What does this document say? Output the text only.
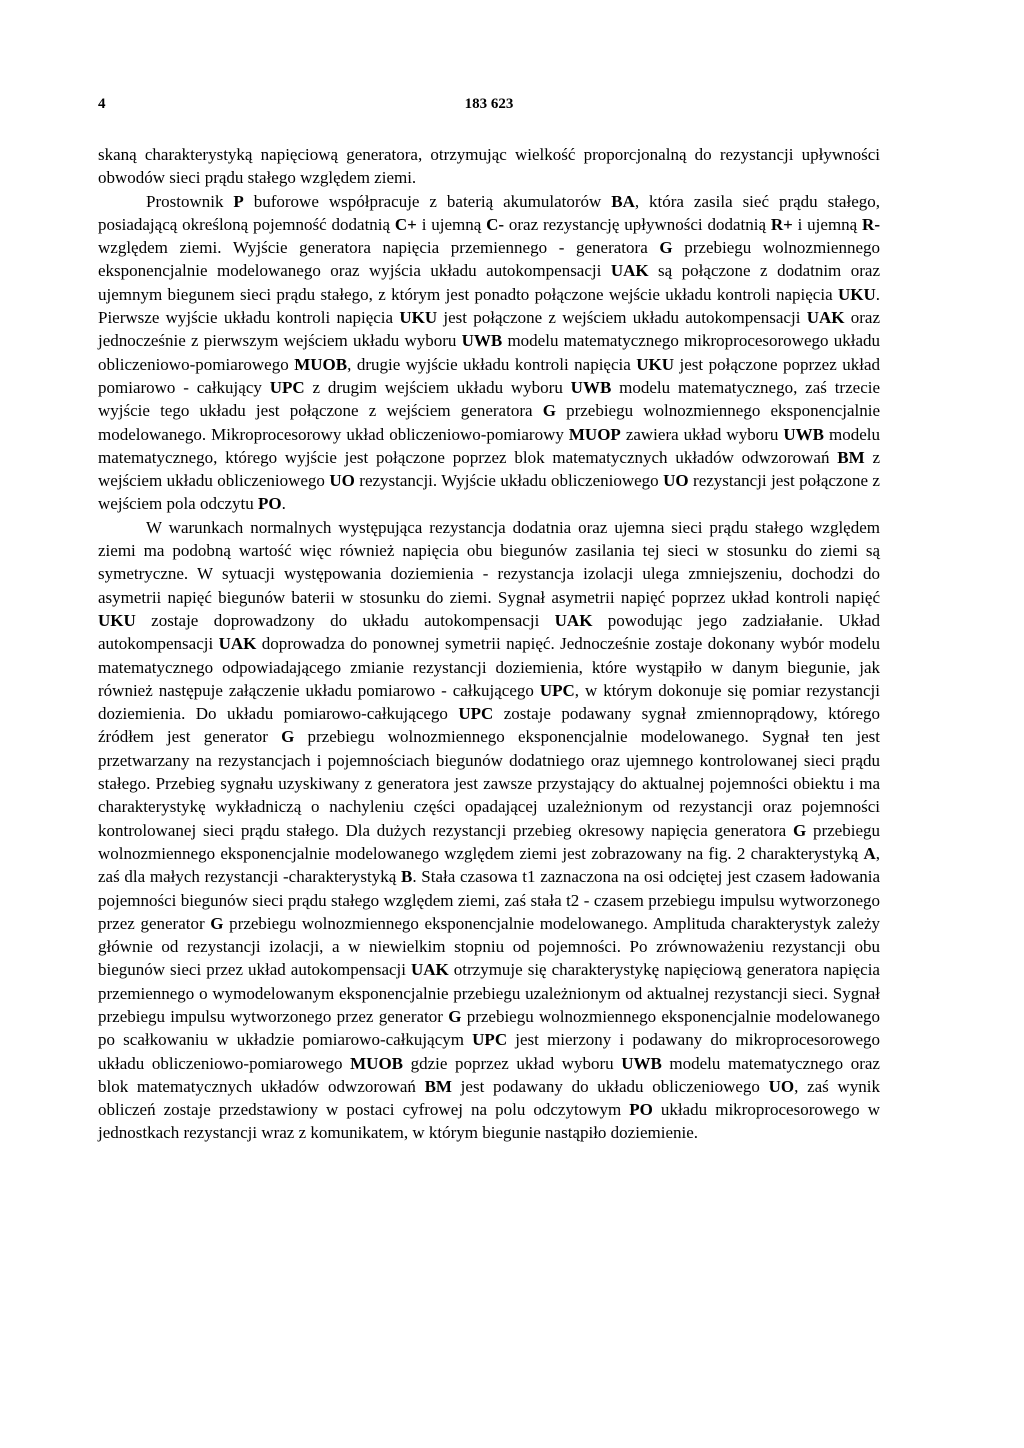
4	183 623

skaną charakterystyką napięciową generatora, otrzymując wielkość proporcjonalną do rezystancji upływności obwodów sieci prądu stałego względem ziemi.

Prostownik P buforowe współpracuje z baterią akumulatorów BA, która zasila sieć prądu stałego, posiadającą określoną pojemność dodatnią C+ i ujemną C- oraz rezystancję upływności dodatnią R+ i ujemną R- względem ziemi. Wyjście generatora napięcia przemiennego - generatora G przebiegu wolnozmiennego eksponencjalnie modelowanego oraz wyjścia układu autokompensacji UAK są połączone z dodatnim oraz ujemnym biegunem sieci prądu stałego, z którym jest ponadto połączone wejście układu kontroli napięcia UKU. Pierwsze wyjście układu kontroli napięcia UKU jest połączone z wejściem układu autokompensacji UAK oraz jednocześnie z pierwszym wejściem układu wyboru UWB modelu matematycznego mikroprocesorowego układu obliczeniowo-pomiarowego MUOB, drugie wyjście układu kontroli napięcia UKU jest połączone poprzez układ pomiarowo - całkujący UPC z drugim wejściem układu wyboru UWB modelu matematycznego, zaś trzecie wyjście tego układu jest połączone z wejściem generatora G przebiegu wolnozmiennego eksponencjalnie modelowanego. Mikroprocesorowy układ obliczeniowo-pomiarowy MUOP zawiera układ wyboru UWB modelu matematycznego, którego wyjście jest połączone poprzez blok matematycznych układów odwzorowań BM z wejściem układu obliczeniowego UO rezystancji. Wyjście układu obliczeniowego UO rezystancji jest połączone z wejściem pola odczytu PO.

W warunkach normalnych występująca rezystancja dodatnia oraz ujemna sieci prądu stałego względem ziemi ma podobną wartość więc również napięcia obu biegunów zasilania tej sieci w stosunku do ziemi są symetryczne. W sytuacji występowania doziemienia - rezystancja izolacji ulega zmniejszeniu, dochodzi do asymetrii napięć biegunów baterii w stosunku do ziemi. Sygnał asymetrii napięć poprzez układ kontroli napięć UKU zostaje doprowadzony do układu autokompensacji UAK powodując jego zadziałanie. Układ autokompensacji UAK doprowadza do ponownej symetrii napięć. Jednocześnie zostaje dokonany wybór modelu matematycznego odpowiadającego zmianie rezystancji doziemienia, które wystąpiło w danym biegunie, jak również następuje załączenie układu pomiarowo - całkującego UPC, w którym dokonuje się pomiar rezystancji doziemienia. Do układu pomiarowo-całkującego UPC zostaje podawany sygnał zmiennoprądowy, którego źródłem jest generator G przebiegu wolnozmiennego eksponencjalnie modelowanego. Sygnał ten jest przetwarzany na rezystancjach i pojemnościach biegunów dodatniego oraz ujemnego kontrolowanej sieci prądu stałego. Przebieg sygnału uzyskiwany z generatora jest zawsze przystający do aktualnej pojemności obiektu i ma charakterystykę wykładniczą o nachyleniu części opadającej uzależnionym od rezystancji oraz pojemności kontrolowanej sieci prądu stałego. Dla dużych rezystancji przebieg okresowy napięcia generatora G przebiegu wolnozmiennego eksponencjalnie modelowanego względem ziemi jest zobrazowany na fig. 2 charakterystyką A, zaś dla małych rezystancji -charakterystyką B. Stała czasowa t1 zaznaczona na osi odciętej jest czasem ładowania pojemności biegunów sieci prądu stałego względem ziemi, zaś stała t2 - czasem przebiegu impulsu wytworzonego przez generator G przebiegu wolnozmiennego eksponencjalnie modelowanego. Amplituda charakterystyk zależy głównie od rezystancji izolacji, a w niewielkim stopniu od pojemności. Po zrównoważeniu rezystancji obu biegunów sieci przez układ autokompensacji UAK otrzymuje się charakterystykę napięciową generatora napięcia przemiennego o wymodelowanym eksponencjalnie przebiegu uzależnionym od aktualnej rezystancji sieci. Sygnał przebiegu impulsu wytworzonego przez generator G przebiegu wolnozmiennego eksponencjalnie modelowanego po scałkowaniu w układzie pomiarowo-całkującym UPC jest mierzony i podawany do mikroprocesorowego układu obliczeniowo-pomiarowego MUOB gdzie poprzez układ wyboru UWB modelu matematycznego oraz blok matematycznych układów odwzorowań BM jest podawany do układu obliczeniowego UO, zaś wynik obliczeń zostaje przedstawiony w postaci cyfrowej na polu odczytowym PO układu mikroprocesorowego w jednostkach rezystancji wraz z komunikatem, w którym biegunie nastąpiło doziemienie.
